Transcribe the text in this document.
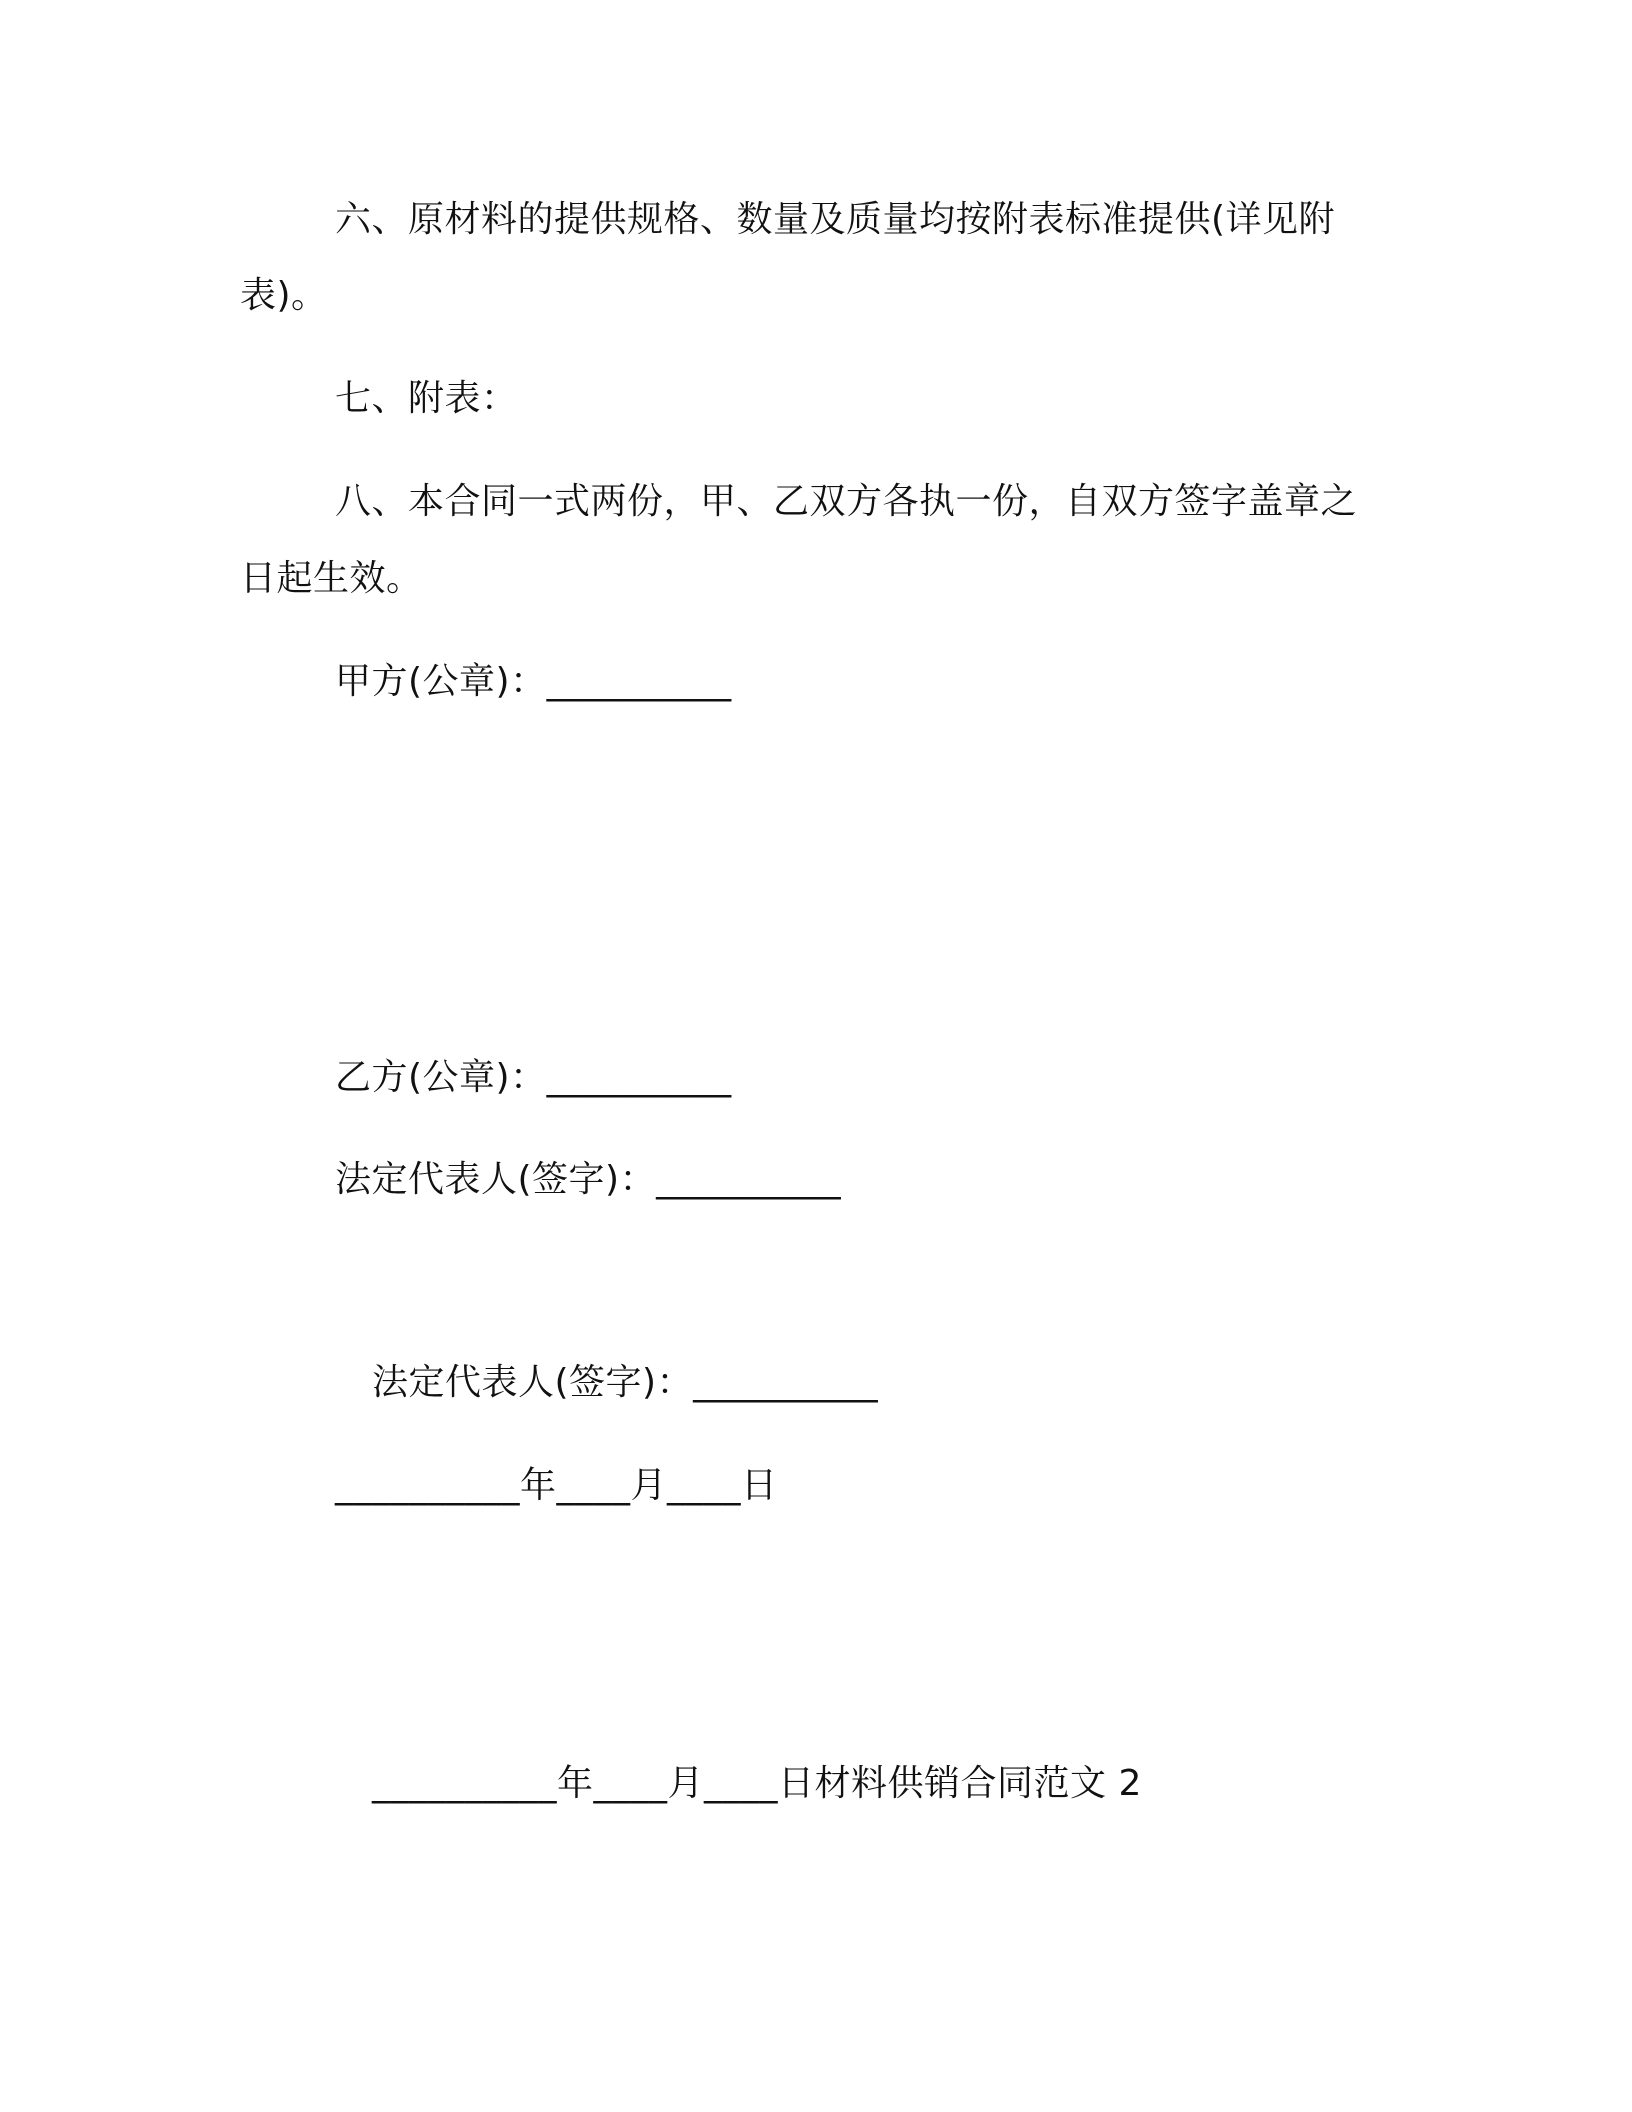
六、原材料的提供规格、数量及质量均按附表标准提供(详见附
表)。
七、附表：
八、本合同一式两份，甲、乙双方各执一份，自双方签字盖章之
日起生效。
甲方(公章)：__________
乙方(公章)：__________
法定代表人(签字)：__________
法定代表人(签字)：__________
__________年____月____日
__________年____月____日材料供销合同范文 2
